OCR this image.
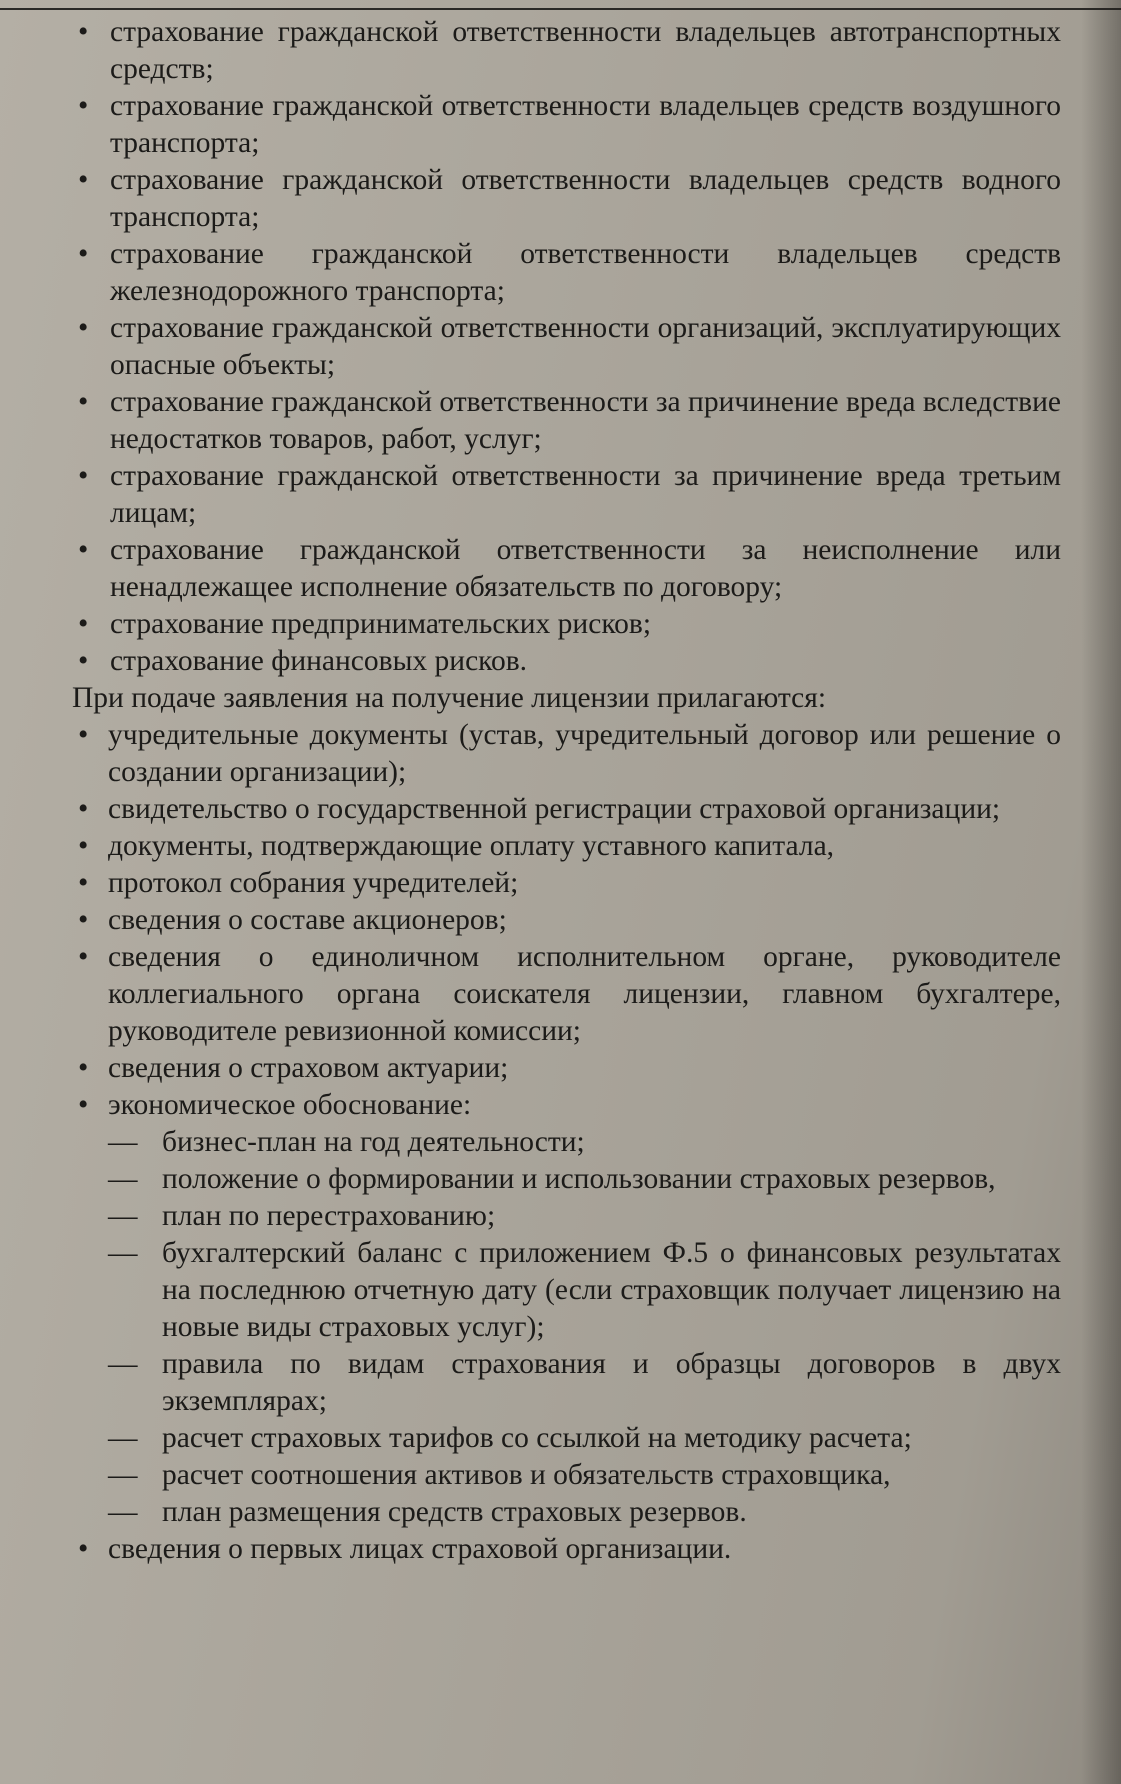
• страхование гражданской ответственности владельцев автотранспортных средств;
• страхование гражданской ответственности владельцев средств воздушного транспорта;
• страхование гражданской ответственности владельцев средств водного транспорта;
• страхование гражданской ответственности владельцев средств железнодорожного транспорта;
• страхование гражданской ответственности организаций, эксплуатирующих опасные объекты;
• страхование гражданской ответственности за причинение вреда вследствие недостатков товаров, работ, услуг;
• страхование гражданской ответственности за причинение вреда третьим лицам;
• страхование гражданской ответственности за неисполнение или ненадлежащее исполнение обязательств по договору;
• страхование предпринимательских рисков;
• страхование финансовых рисков.

При подаче заявления на получение лицензии прилагаются:

• учредительные документы (устав, учредительный договор или решение о создании организации);
• свидетельство о государственной регистрации страховой организации;
• документы, подтверждающие оплату уставного капитала,
• протокол собрания учредителей;
• сведения о составе акционеров;
• сведения о единоличном исполнительном органе, руководителе коллегиального органа соискателя лицензии, главном бухгалтере, руководителе ревизионной комиссии;
• сведения о страховом актуарии;
• экономическое обоснование:
— бизнес-план на год деятельности;
— положение о формировании и использовании страховых резервов,
— план по перестрахованию;
— бухгалтерский баланс с приложением Ф.5 о финансовых результатах на последнюю отчетную дату (если страховщик получает лицензию на новые виды страховых услуг);
— правила по видам страхования и образцы договоров в двух экземплярах;
— расчет страховых тарифов со ссылкой на методику расчета;
— расчет соотношения активов и обязательств страховщика,
— план размещения средств страховых резервов.
• сведения о первых лицах страховой организации.
